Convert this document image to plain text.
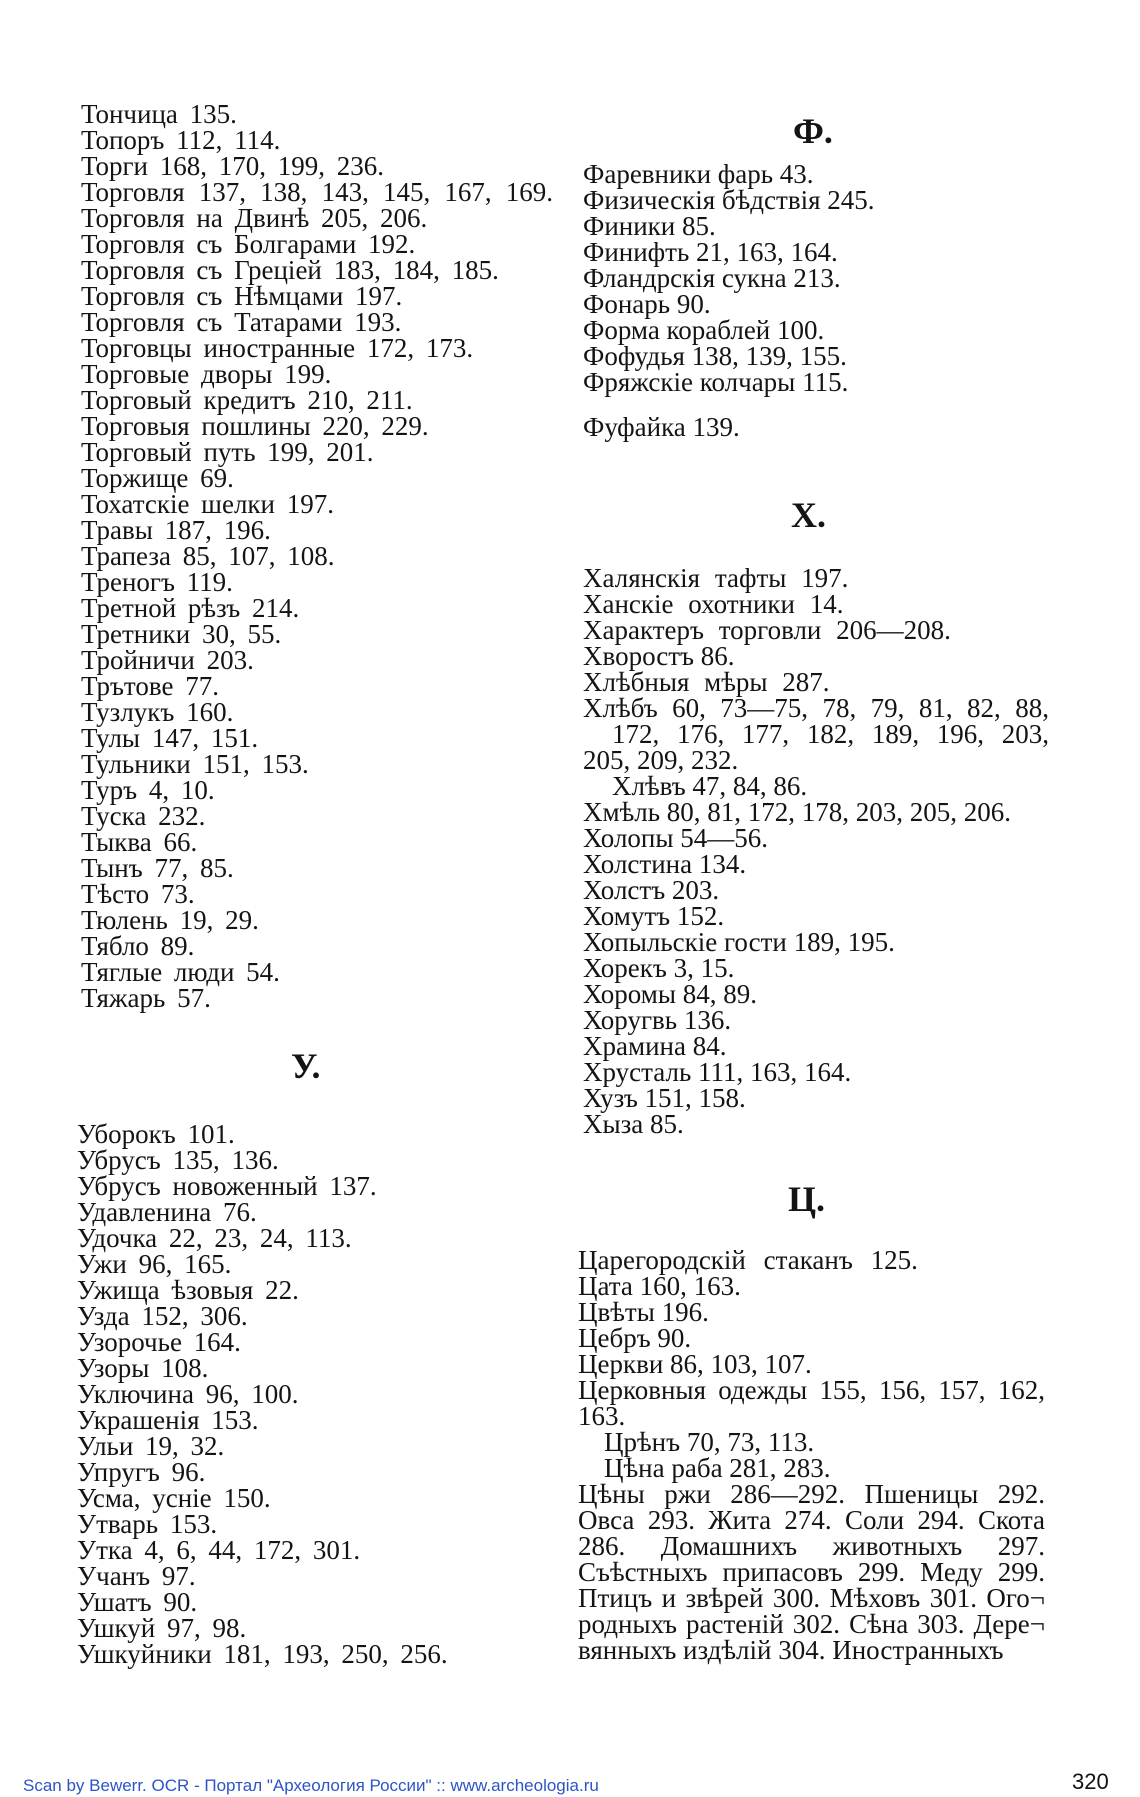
Тончица 135.
Топоръ 112, 114.
Торги 168, 170, 199, 236.
Торговля 137, 138, 143, 145, 167, 169.
Торговля на Двинѣ 205, 206.
Торговля съ Болгарами 192.
Торговля съ Греціей 183, 184, 185.
Торговля съ Нѣмцами 197.
Торговля съ Татарами 193.
Торговцы иностранные 172, 173.
Торговые дворы 199.
Торговый кредитъ 210, 211.
Торговыя пошлины 220, 229.
Торговый путь 199, 201.
Торжище 69.
Тохатскіе шелки 197.
Травы 187, 196.
Трапеза 85, 107, 108.
Треногъ 119.
Третной рѣзъ 214.
Третники 30, 55.
Тройничи 203.
Трътове 77.
Тузлукъ 160.
Тулы 147, 151.
Тульники 151, 153.
Туръ 4, 10.
Туска 232.
Тыква 66.
Тынъ 77, 85.
Тѣсто 73.
Тюлень 19, 29.
Тябло 89.
Тяглые люди 54.
Тяжарь 57.
У.
Уборокъ 101.
Убрусъ 135, 136.
Убрусъ новоженный 137.
Удавленина 76.
Удочка 22, 23, 24, 113.
Ужи 96, 165.
Ужища ѣзовыя 22.
Узда 152, 306.
Узорочье 164.
Узоры 108.
Уключина 96, 100.
Украшенія 153.
Ульи 19, 32.
Упругъ 96.
Усма, усніе 150.
Утварь 153.
Утка 4, 6, 44, 172, 301.
Учанъ 97.
Ушатъ 90.
Ушкуй 97, 98.
Ушкуйники 181, 193, 250, 256.
Ф.
Фаревники фарь 43.
Физическія бѣдствія 245.
Финики 85.
Финифть 21, 163, 164.
Фландрскія сукна 213.
Фонарь 90.
Форма кораблей 100.
Фофудья 138, 139, 155.
Фряжскіе колчары 115.
Фуфайка 139.
Х.
Халянскія тафты 197.
Ханскіе охотники 14.
Характеръ торговли 206—208.
Хворостъ 86.
Хлѣбныя мѣры 287.
Хлѣбъ 60, 73—75, 78, 79, 81, 82, 88,
172, 176, 177, 182, 189, 196, 203,
205, 209, 232.
Хлѣвъ 47, 84, 86.
Хмѣль 80, 81, 172, 178, 203, 205, 206.
Холопы 54—56.
Холстина 134.
Холстъ 203.
Хомутъ 152.
Хопыльскіе гости 189, 195.
Хорекъ 3, 15.
Хоромы 84, 89.
Хоругвь 136.
Храмина 84.
Хрусталь 111, 163, 164.
Хузъ 151, 158.
Хыза 85.
Ц.
Царегородскій стаканъ 125.
Цата 160, 163.
Цвѣты 196.
Цебръ 90.
Церкви 86, 103, 107.
Церковныя одежды 155, 156, 157, 162,
163.
Црѣнъ 70, 73, 113.
Цѣна раба 281, 283.
Цѣны ржи 286—292. Пшеницы 292.
Овса 293. Жита 274. Соли 294. Скота
286. Домашнихъ животныхъ 297.
Съѣстныхъ припасовъ 299. Меду 299.
Птицъ и звѣрей 300. Мѣховъ 301. Ого¬
родныхъ растеній 302. Сѣна 303. Дере¬
вянныхъ издѣлій 304. Иностранныхъ
Scan by Bewerr. OCR - Портал "Археология России" :: www.archeologia.ru	320
